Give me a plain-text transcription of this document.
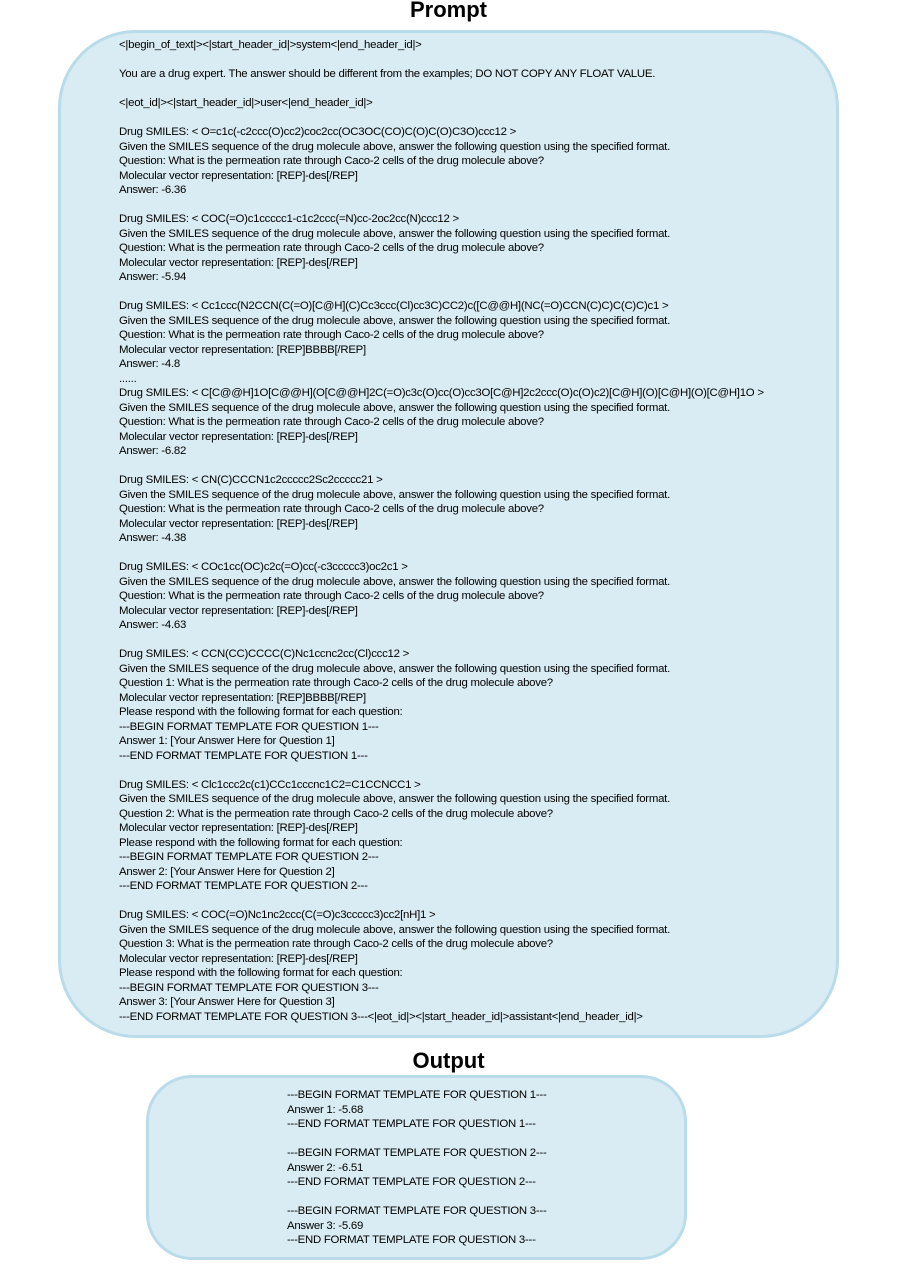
Prompt
<|begin_of_text|><|start_header_id|>system<|end_header_id|>
You are a drug expert. The answer should be different from the examples; DO NOT COPY ANY FLOAT VALUE.
<|eot_id|><|start_header_id|>user<|end_header_id|>
Drug SMILES: < O=c1c(-c2ccc(O)cc2)coc2cc(OC3OC(CO)C(O)C(O)C3O)ccc12 >
Given the SMILES sequence of the drug molecule above, answer the following question using the specified format.
Question: What is the permeation rate through Caco-2 cells of the drug molecule above?
Molecular vector representation: [REP]-des[/REP]
Answer: -6.36
Drug SMILES: < COC(=O)c1ccccc1-c1c2ccc(=N)cc-2oc2cc(N)ccc12 >
Given the SMILES sequence of the drug molecule above, answer the following question using the specified format.
Question: What is the permeation rate through Caco-2 cells of the drug molecule above?
Molecular vector representation: [REP]-des[/REP]
Answer: -5.94
Drug SMILES: < Cc1ccc(N2CCN(C(=O)[C@H](C)Cc3ccc(Cl)cc3C)CC2)c([C@@H](NC(=O)CCN(C)C)C(C)C)c1 >
Given the SMILES sequence of the drug molecule above, answer the following question using the specified format.
Question: What is the permeation rate through Caco-2 cells of the drug molecule above?
Molecular vector representation: [REP]BBBB[/REP]
Answer: -4.8
......
Drug SMILES: < C[C@@H]1O[C@@H](O[C@@H]2C(=O)c3c(O)cc(O)cc3O[C@H]2c2ccc(O)c(O)c2)[C@H](O)[C@H](O)[C@H]1O >
Given the SMILES sequence of the drug molecule above, answer the following question using the specified format.
Question: What is the permeation rate through Caco-2 cells of the drug molecule above?
Molecular vector representation: [REP]-des[/REP]
Answer: -6.82
Drug SMILES: < CN(C)CCCN1c2ccccc2Sc2ccccc21 >
Given the SMILES sequence of the drug molecule above, answer the following question using the specified format.
Question: What is the permeation rate through Caco-2 cells of the drug molecule above?
Molecular vector representation: [REP]-des[/REP]
Answer: -4.38
Drug SMILES: < COc1cc(OC)c2c(=O)cc(-c3ccccc3)oc2c1 >
Given the SMILES sequence of the drug molecule above, answer the following question using the specified format.
Question: What is the permeation rate through Caco-2 cells of the drug molecule above?
Molecular vector representation: [REP]-des[/REP]
Answer: -4.63
Drug SMILES: < CCN(CC)CCCC(C)Nc1ccnc2cc(Cl)ccc12 >
Given the SMILES sequence of the drug molecule above, answer the following question using the specified format.
Question 1: What is the permeation rate through Caco-2 cells of the drug molecule above?
Molecular vector representation: [REP]BBBB[/REP]
Please respond with the following format for each question:
---BEGIN FORMAT TEMPLATE FOR QUESTION 1---
Answer 1: [Your Answer Here for Question 1]
---END FORMAT TEMPLATE FOR QUESTION 1---
Drug SMILES: < Clc1ccc2c(c1)CCc1cccnc1C2=C1CCNCC1 >
Given the SMILES sequence of the drug molecule above, answer the following question using the specified format.
Question 2: What is the permeation rate through Caco-2 cells of the drug molecule above?
Molecular vector representation: [REP]-des[/REP]
Please respond with the following format for each question:
---BEGIN FORMAT TEMPLATE FOR QUESTION 2---
Answer 2: [Your Answer Here for Question 2]
---END FORMAT TEMPLATE FOR QUESTION 2---
Drug SMILES: < COC(=O)Nc1nc2ccc(C(=O)c3ccccc3)cc2[nH]1 >
Given the SMILES sequence of the drug molecule above, answer the following question using the specified format.
Question 3: What is the permeation rate through Caco-2 cells of the drug molecule above?
Molecular vector representation: [REP]-des[/REP]
Please respond with the following format for each question:
---BEGIN FORMAT TEMPLATE FOR QUESTION 3---
Answer 3: [Your Answer Here for Question 3]
---END FORMAT TEMPLATE FOR QUESTION 3---<|eot_id|><|start_header_id|>assistant<|end_header_id|>
Output
---BEGIN FORMAT TEMPLATE FOR QUESTION 1---
Answer 1: -5.68
---END FORMAT TEMPLATE FOR QUESTION 1---
---BEGIN FORMAT TEMPLATE FOR QUESTION 2---
Answer 2: -6.51
---END FORMAT TEMPLATE FOR QUESTION 2---
---BEGIN FORMAT TEMPLATE FOR QUESTION 3---
Answer 3: -5.69
---END FORMAT TEMPLATE FOR QUESTION 3---
